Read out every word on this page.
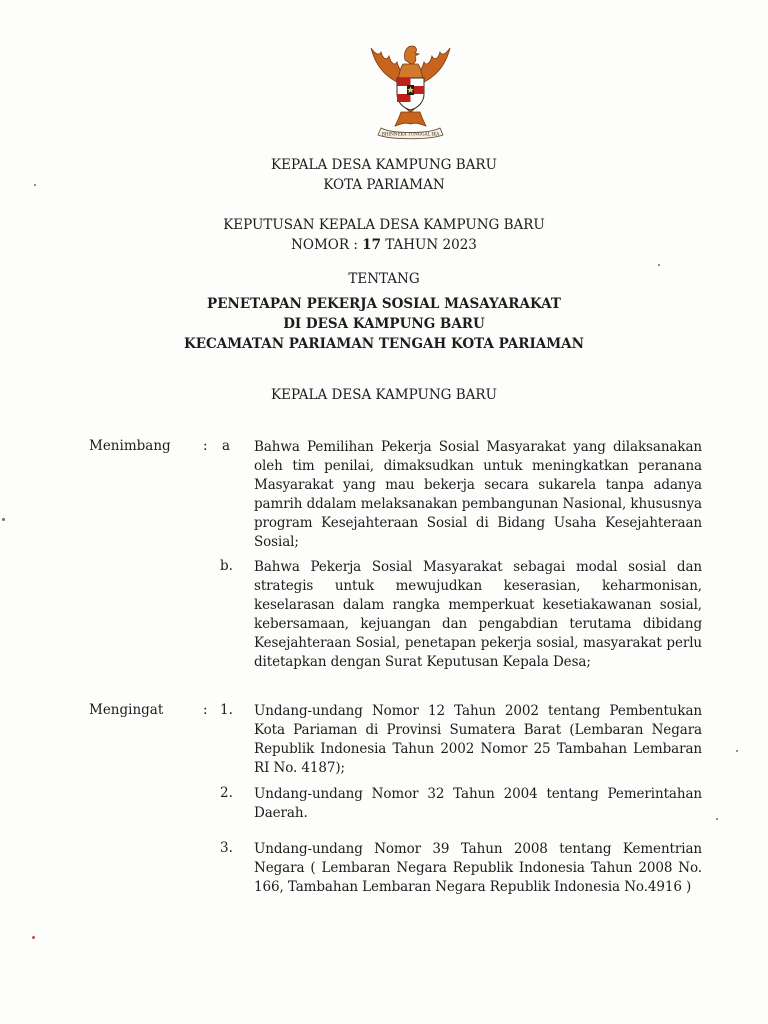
BHINNEKA TUNGGAL IKA
KEPALA DESA KAMPUNG BARU
KOTA PARIAMAN
KEPUTUSAN KEPALA DESA KAMPUNG BARU
NOMOR : 17 TAHUN 2023
TENTANG
PENETAPAN PEKERJA SOSIAL MASAYARAKAT
DI DESA KAMPUNG BARU
KECAMATAN PARIAMAN TENGAH KOTA PARIAMAN
KEPALA DESA KAMPUNG BARU
Menimbang : a Bahwa Pemilihan Pekerja Sosial Masyarakat yang dilaksanakan oleh tim penilai, dimaksudkan untuk meningkatkan peranana Masyarakat yang mau bekerja secara sukarela tanpa adanya pamrih ddalam melaksanakan pembangunan Nasional, khususnya program Kesejahteraan Sosial di Bidang Usaha Kesejahteraan Sosial;
b. Bahwa Pekerja Sosial Masyarakat sebagai modal sosial dan strategis untuk mewujudkan keserasian, keharmonisan, keselarasan dalam rangka memperkuat kesetiakawanan sosial, kebersamaan, kejuangan dan pengabdian terutama dibidang Kesejahteraan Sosial, penetapan pekerja sosial, masyarakat perlu ditetapkan dengan Surat Keputusan Kepala Desa;
Mengingat	: 1. Undang-undang Nomor 12 Tahun 2002 tentang Pembentukan Kota Pariaman di Provinsi Sumatera Barat (Lembaran Negara Republik Indonesia Tahun 2002 Nomor 25 Tambahan Lembaran RI No. 4187);
2. Undang-undang Nomor 32 Tahun 2004 tentang Pemerintahan Daerah.
3. Undang-undang Nomor 39 Tahun 2008 tentang Kementrian Negara ( Lembaran Negara Republik Indonesia Tahun 2008 No. 166, Tambahan Lembaran Negara Republik Indonesia No.4916 )
